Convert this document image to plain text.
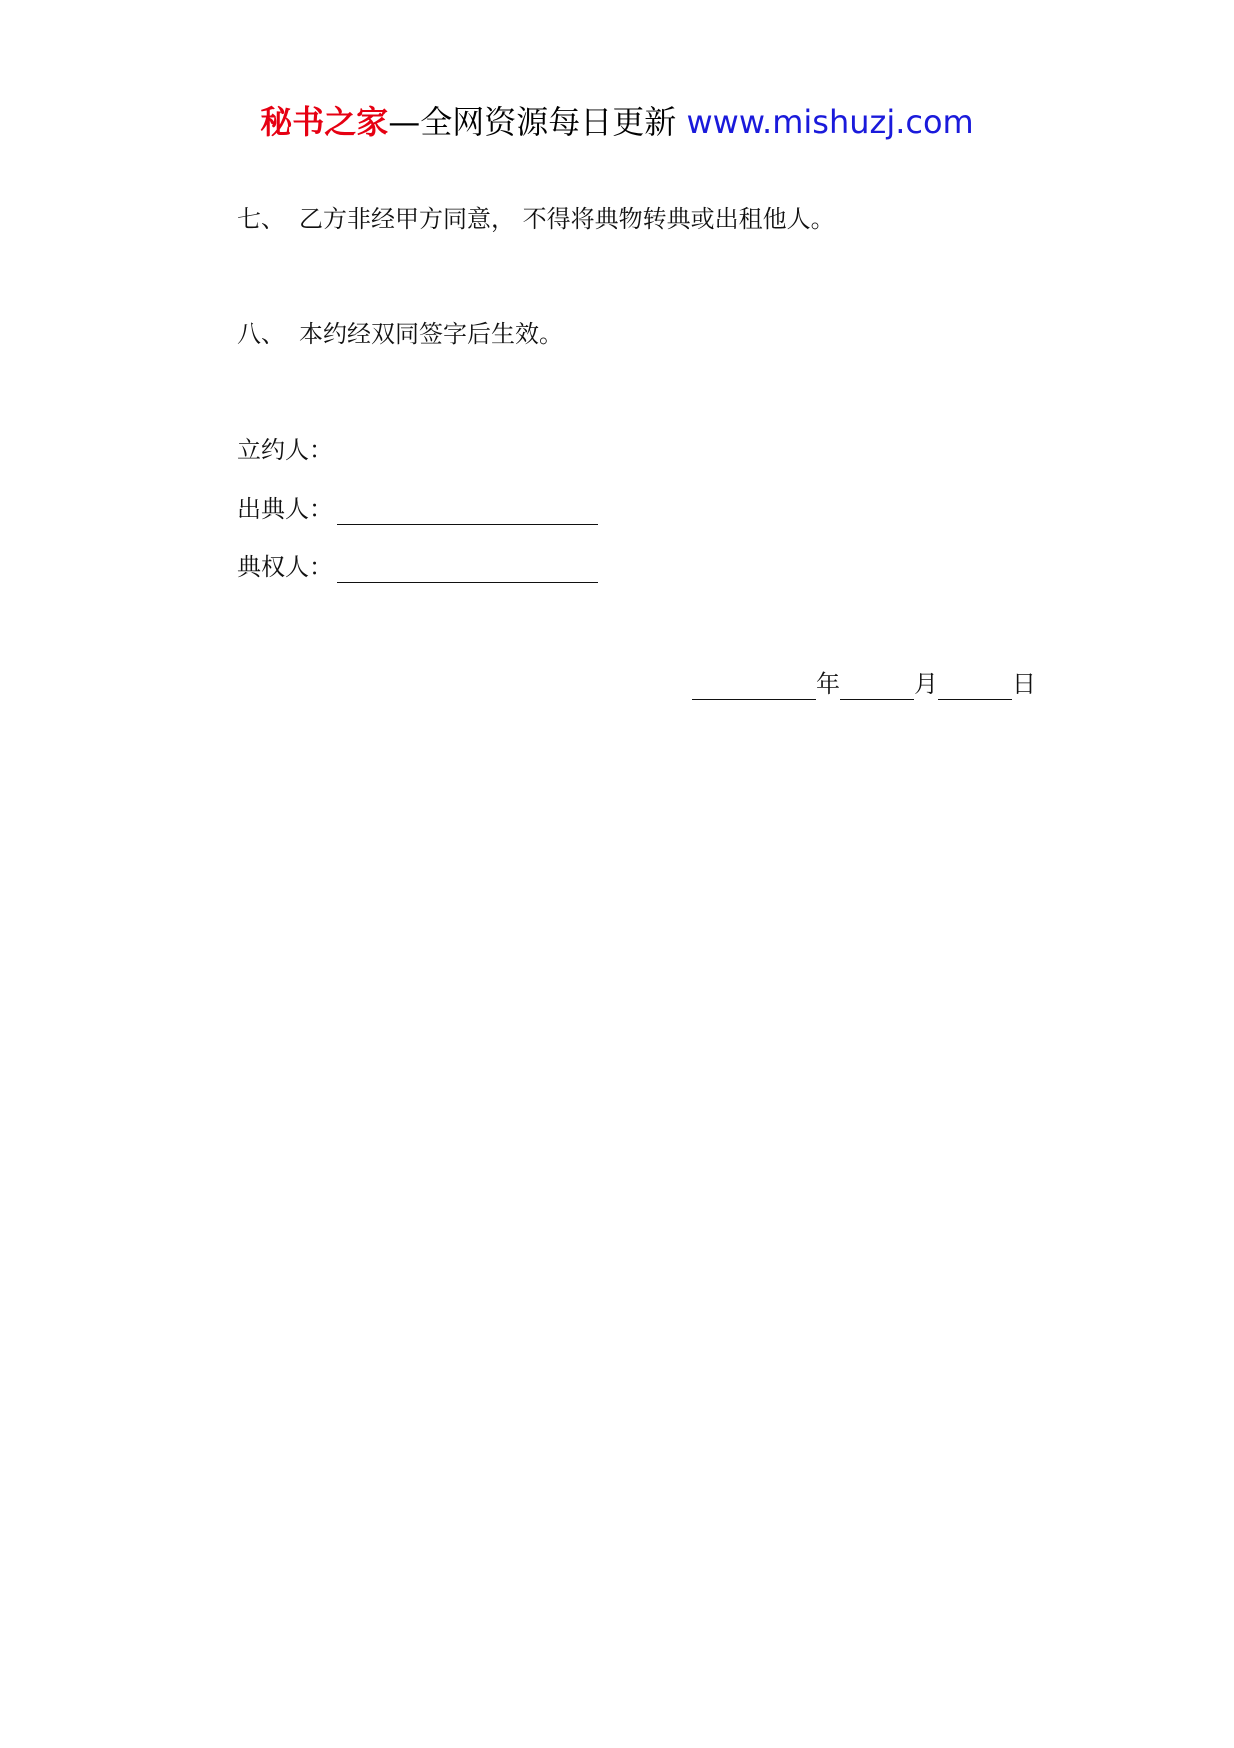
秘书之家—全网资源每日更新 www.mishuzj.com
七、 乙方非经甲方同意， 不得将典物转典或出租他人。
八、 本约经双同签字后生效。
立约人：
出典人：
典权人：
年	月	日
